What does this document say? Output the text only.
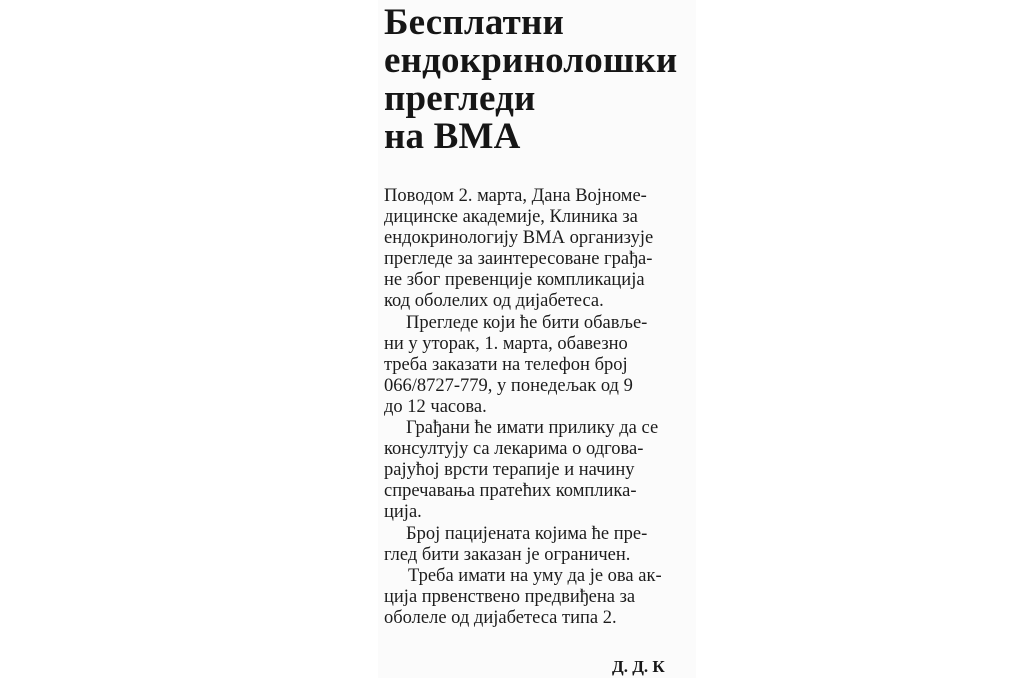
Бесплатни
ендокринолошки
прегледи
на ВМА
Поводом 2. марта, Дана Војноме-
дицинске академије, Клиника за
ендокринологију ВМА организује
прегледе за заинтересоване грађа-
не због превенције компликација
код оболелих од дијабетеса.
Прегледе који ће бити обавље-
ни у уторак, 1. марта, обавезно
треба заказати на телефон број
066/8727-779, у понедељак од 9
до 12 часова.
Грађани ће имати прилику да се
консултују са лекарима о одгова-
рајућој врсти терапије и начину
спречавања пратећих комплика-
ција.
Број пацијената којима ће пре-
глед бити заказан је ограничен.
Треба имати на уму да је ова ак-
ција првенствено предвиђена за
оболеле од дијабетеса типа 2.
Д. Д. К
